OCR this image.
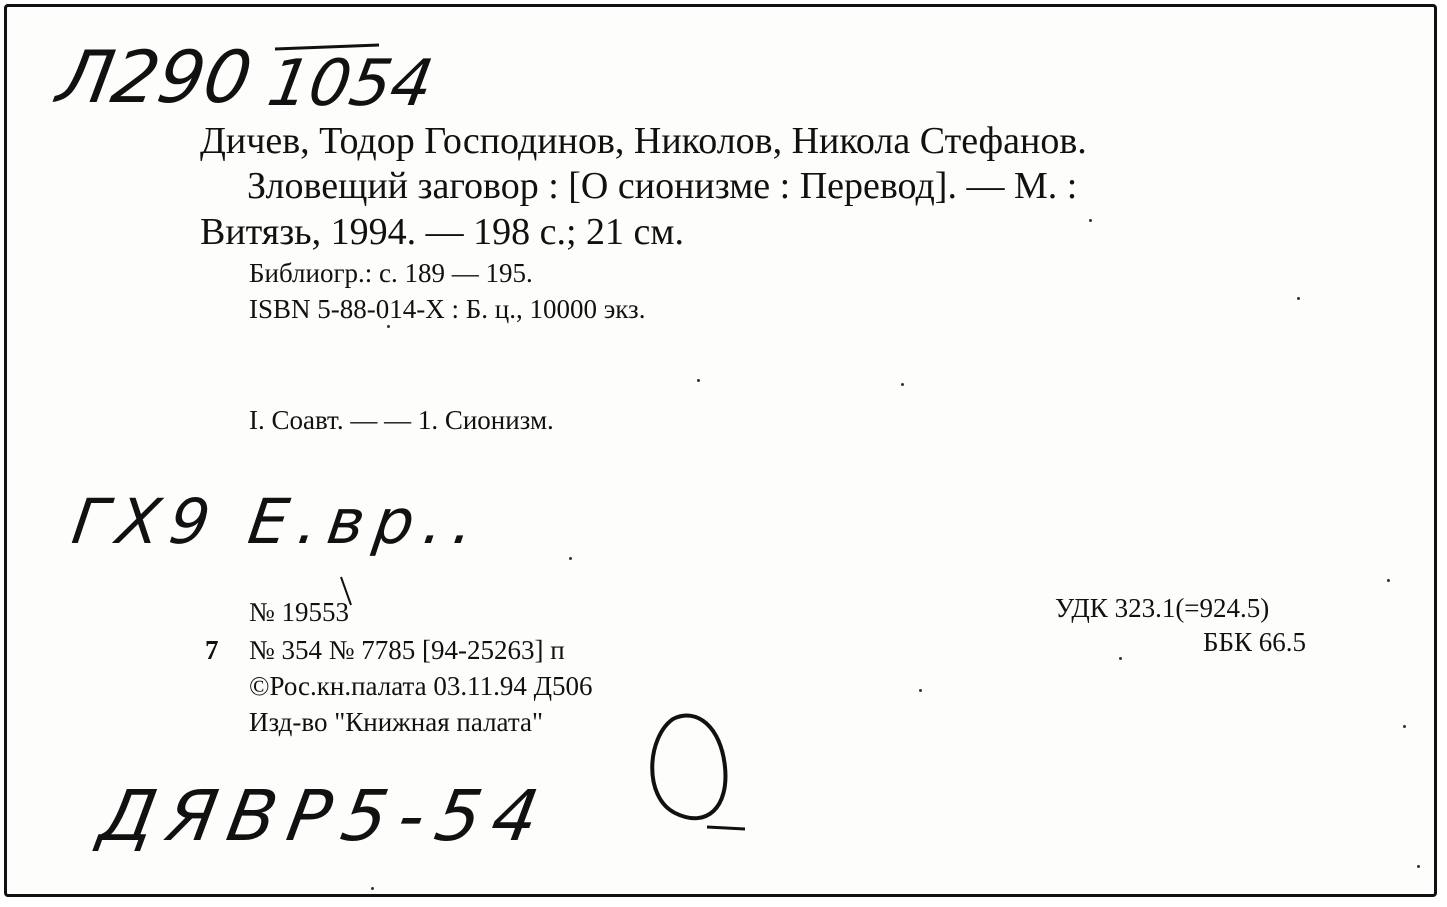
Л290 1054
Дичев, Тодор Господинов, Николов, Никола Стефанов.
Зловещий заговор : [О сионизме : Перевод]. — М. :
Витязь, 1994. — 198 с.; 21 см.
Библиогр.: с. 189 — 195.
ISBN 5-88-014-Х : Б. ц., 10000 экз.
I. Соавт. — — 1. Сионизм.
ГХ9 Е.вр..
№ 19553
7 № 354 № 7785 [94-25263] п
©Рос.кн.палата 03.11.94 Д506
Изд-во "Книжная палата"
УДК 323.1(=924.5)
ББК 66.5
ДЯВР5-54
